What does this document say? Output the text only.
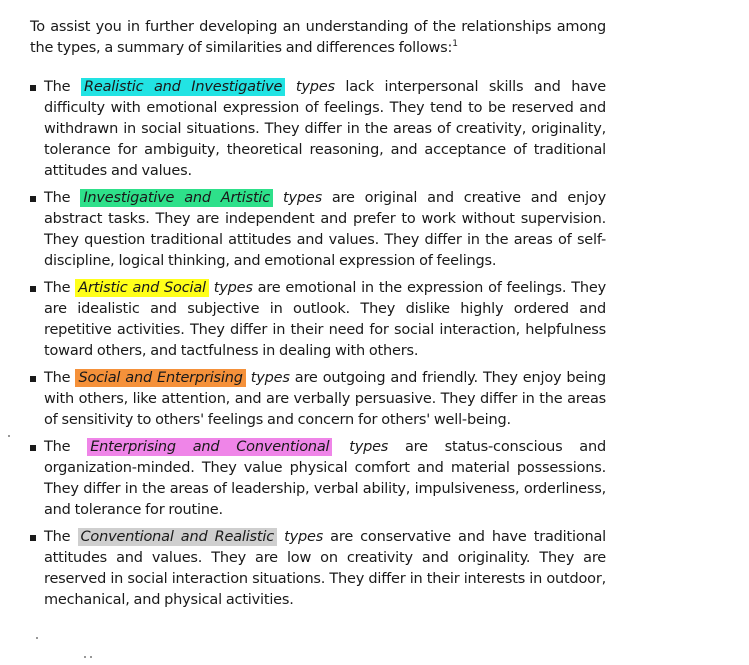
To assist you in further developing an understanding of the relationships among the types, a summary of similarities and differences follows:$^1$

The Realistic and Investigative types lack interpersonal skills and have difficulty with emotional expression of feelings. They tend to be reserved and withdrawn in social situations. They differ in the areas of creativity, originality, tolerance for ambiguity, theoretical reasoning, and acceptance of traditional attitudes and values.
The Investigative and Artistic types are original and creative and enjoy abstract tasks. They are independent and prefer to work without supervision. They question traditional attitudes and values. They differ in the areas of self-discipline, logical thinking, and emotional expression of feelings.
The Artistic and Social types are emotional in the expression of feelings. They are idealistic and subjective in outlook. They dislike highly ordered and repetitive activities. They differ in their need for social interaction, helpfulness toward others, and tactfulness in dealing with others.
The Social and Enterprising types are outgoing and friendly. They enjoy being with others, like attention, and are verbally persuasive. They differ in the areas of sensitivity to others' feelings and concern for others' well-being.
The Enterprising and Conventional types are status-conscious and organization-minded. They value physical comfort and material possessions. They differ in the areas of leadership, verbal ability, impulsiveness, orderliness, and tolerance for routine.
The Conventional and Realistic types are conservative and have traditional attitudes and values. They are low on creativity and originality. They are reserved in social interaction situations. They differ in their interests in outdoor, mechanical, and physical activities.
